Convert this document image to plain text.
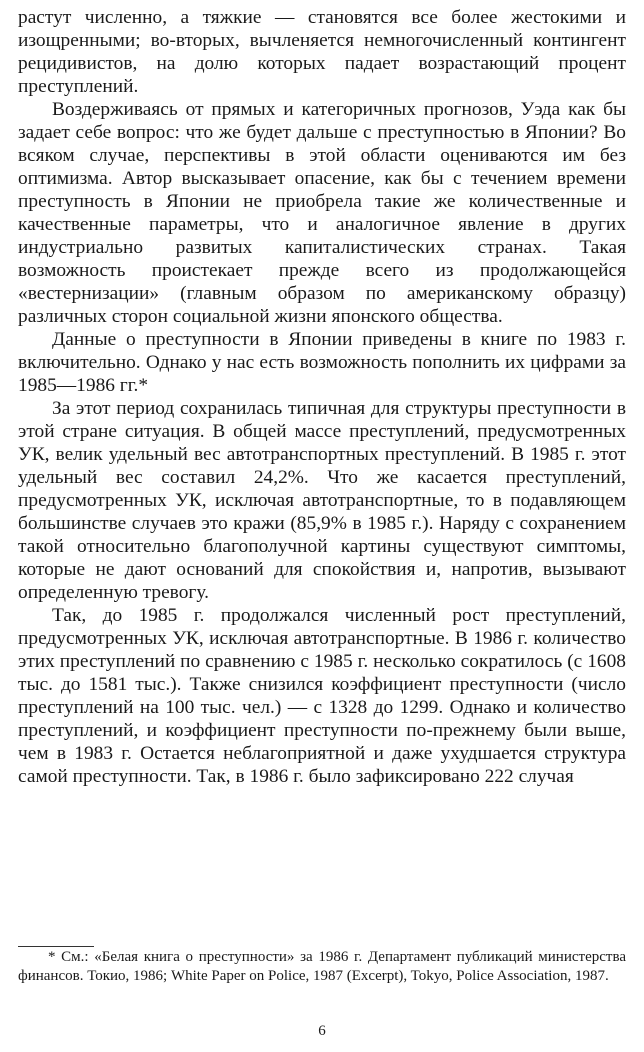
растут численно, а тяжкие — становятся все более жестокими и изощренными; во-вторых, вычленяется немногочисленный контингент рецидивистов, на долю которых падает возрастающий процент преступлений.

Воздерживаясь от прямых и категоричных прогнозов, Уэда как бы задает себе вопрос: что же будет дальше с преступностью в Японии? Во всяком случае, перспективы в этой области оцениваются им без оптимизма. Автор высказывает опасение, как бы с течением времени преступность в Японии не приобрела такие же количественные и качественные параметры, что и аналогичное явление в других индустриально развитых капиталистических странах. Такая возможность проистекает прежде всего из продолжающейся «вестернизации» (главным образом по американскому образцу) различных сторон социальной жизни японского общества.

Данные о преступности в Японии приведены в книге по 1983 г. включительно. Однако у нас есть возможность пополнить их цифрами за 1985—1986 гг.*

За этот период сохранилась типичная для структуры преступности в этой стране ситуация. В общей массе преступлений, предусмотренных УК, велик удельный вес автотранспортных преступлений. В 1985 г. этот удельный вес составил 24,2%. Что же касается преступлений, предусмотренных УК, исключая автотранспортные, то в подавляющем большинстве случаев это кражи (85,9% в 1985 г.). Наряду с сохранением такой относительно благополучной картины существуют симптомы, которые не дают оснований для спокойствия и, напротив, вызывают определенную тревогу.

Так, до 1985 г. продолжался численный рост преступлений, предусмотренных УК, исключая автотранспортные. В 1986 г. количество этих преступлений по сравнению с 1985 г. несколько сократилось (с 1608 тыс. до 1581 тыс.). Также снизился коэффициент преступности (число преступлений на 100 тыс. чел.) — с 1328 до 1299. Однако и количество преступлений, и коэффициент преступности по-прежнему были выше, чем в 1983 г. Остается неблагоприятной и даже ухудшается структура самой преступности. Так, в 1986 г. было зафиксировано 222 случая

* См.: «Белая книга о преступности» за 1986 г. Департамент публикаций министерства финансов. Токио, 1986; White Paper on Police, 1987 (Excerpt), Tokyo, Police Association, 1987.

6
